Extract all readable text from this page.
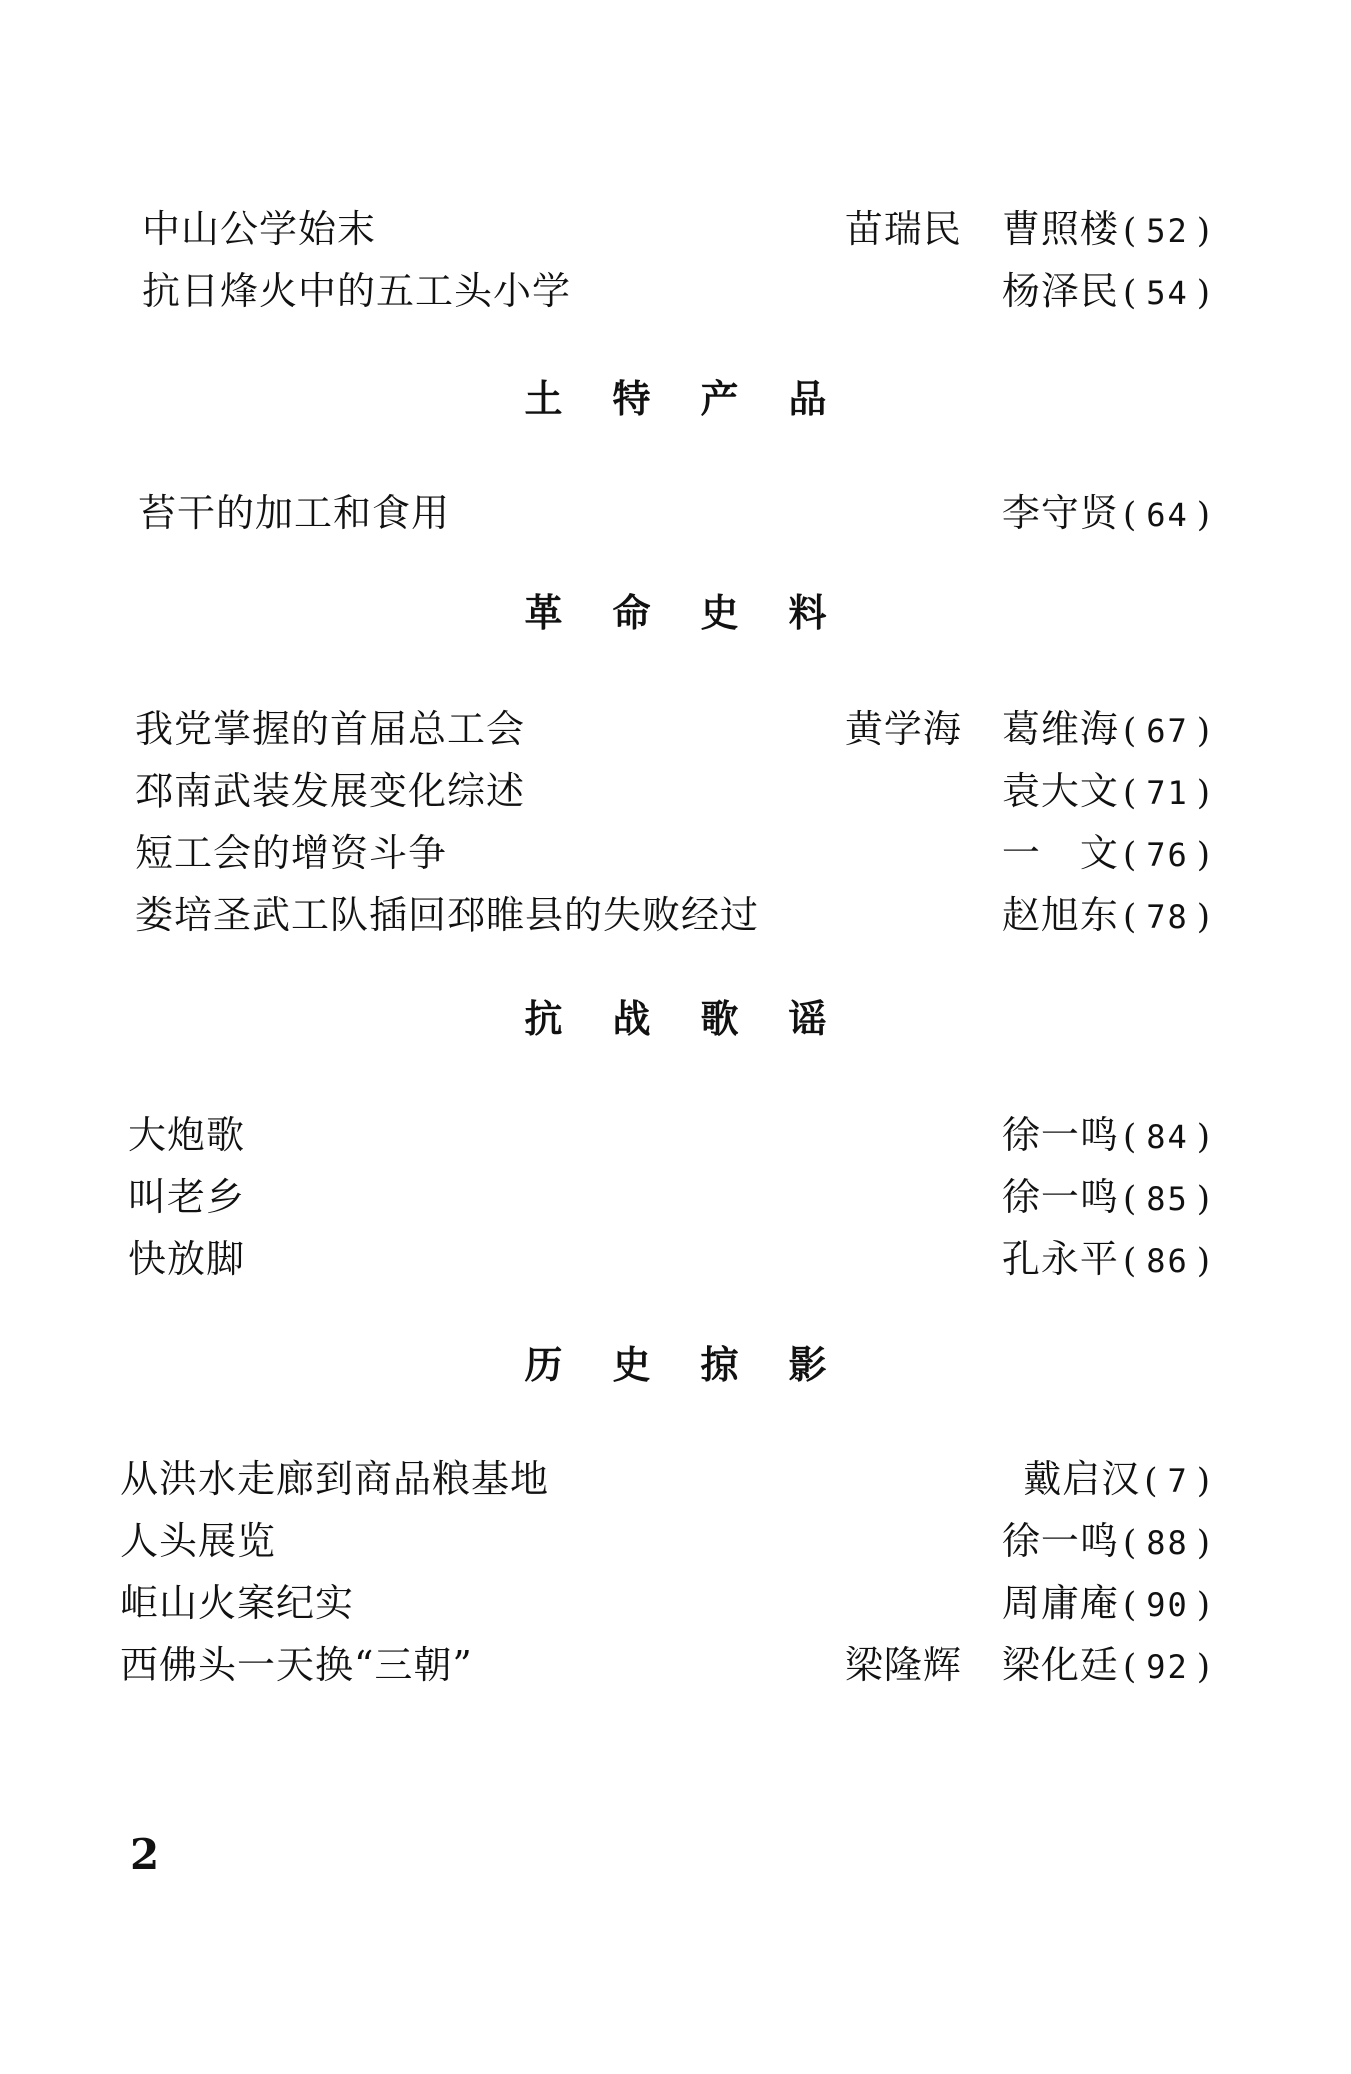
中山公学始末	苗瑞民 曹照楼 ( 52 )
抗日烽火中的五工头小学	杨泽民 ( 54 )
土特产品
苔干的加工和食用	李守贤 ( 64 )
革命史料
我党掌握的首届总工会	黄学海 葛维海 ( 67 )
邳南武装发展变化综述	袁大文 ( 71 )
短工会的增资斗争	一　文 ( 76 )
娄培圣武工队插回邳睢县的失败经过	赵旭东 ( 78 )
抗战歌谣
大炮歌	徐一鸣 ( 84 )
叫老乡	徐一鸣 ( 85 )
快放脚	孔永平 ( 86 )
历史掠影
从洪水走廊到商品粮基地	戴启汉 ( 7 )
人头展览	徐一鸣 ( 88 )
岠山火案纪实	周庸庵 ( 90 )
西佛头一天换“三朝”	梁隆辉 梁化廷 ( 92 )
2
